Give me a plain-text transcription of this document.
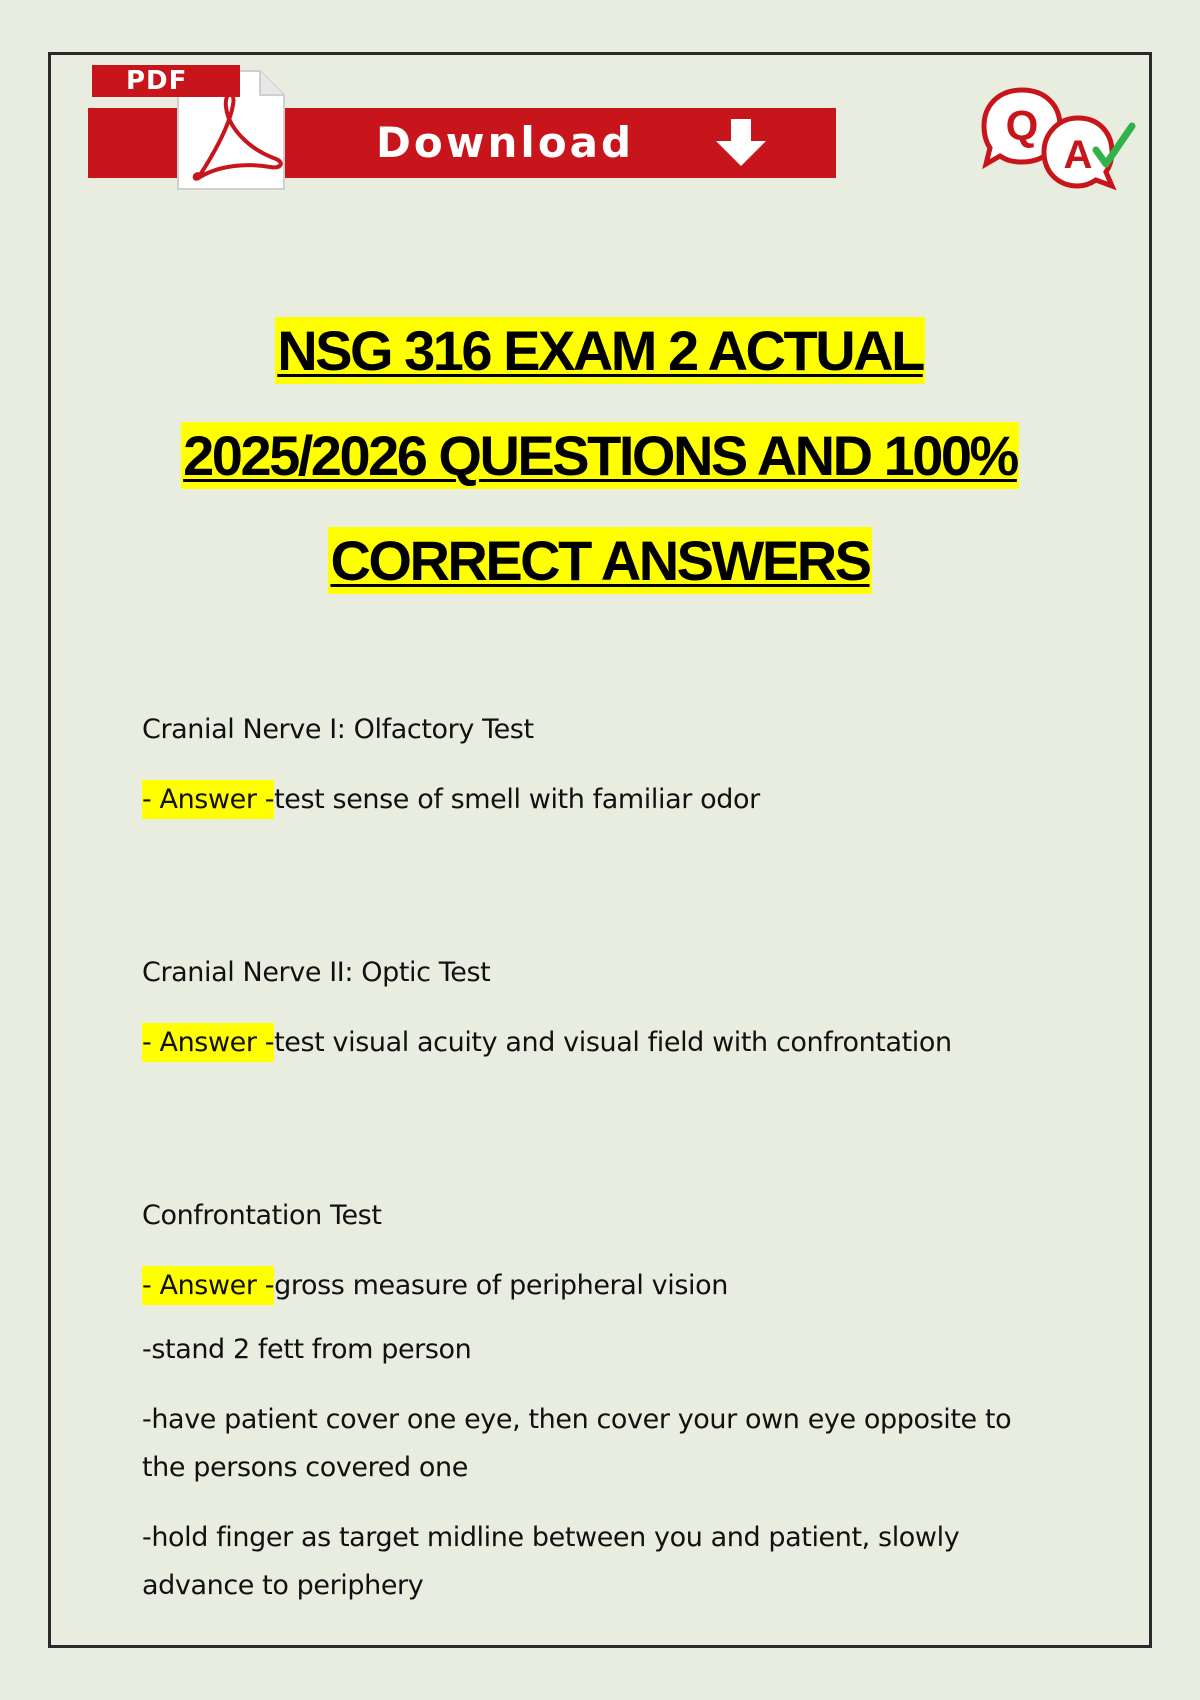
PDF
Download	Q
A
NSG 316 EXAM 2 ACTUAL
2025/2026 QUESTIONS AND 100%
CORRECT ANSWERS
Cranial Nerve I: Olfactory Test
- Answer -test sense of smell with familiar odor
Cranial Nerve II: Optic Test
- Answer -test visual acuity and visual field with confrontation
Confrontation Test
- Answer -gross measure of peripheral vision
-stand 2 fett from person
-have patient cover one eye, then cover your own eye opposite to the persons covered one
-hold finger as target midline between you and patient, slowly advance to periphery
